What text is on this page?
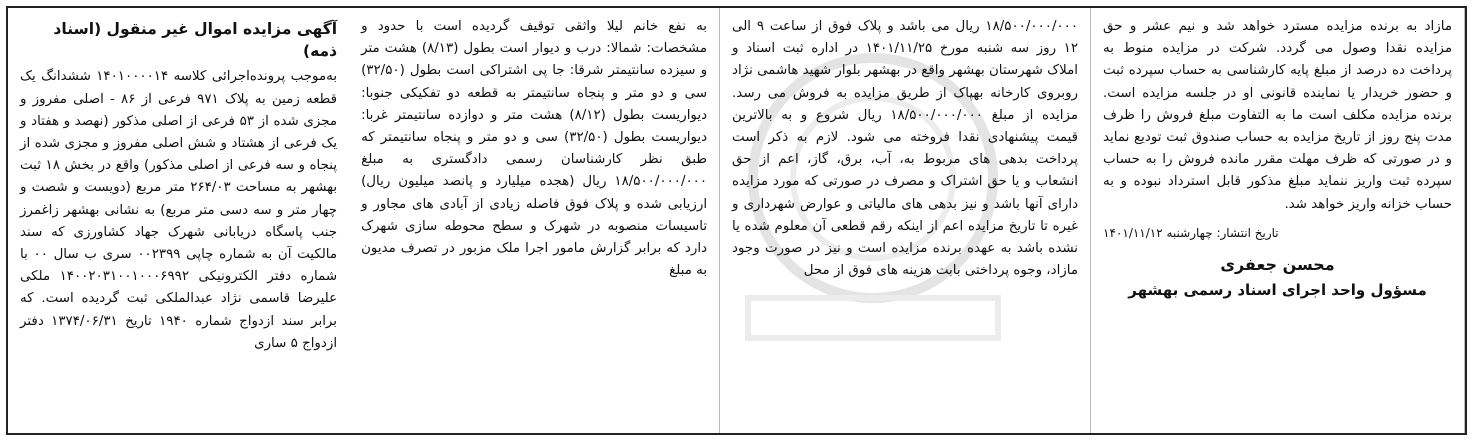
آگهی مزایده اموال غیر منقول (اسناد ذمه)

به‌موجب پرونده‌اجرائی کلاسه ۱۴۰۱۰۰۰۰۱۴ ششدانگ یک قطعه زمین به پلاک ۹۷۱ فرعی از ۸۶ - اصلی مفروز و مجزی شده از ۵۳ فرعی از اصلی مذکور (نهصد و هفتاد و یک فرعی از هشتاد و شش اصلی مفروز و مجزی شده از پنجاه و سه فرعی از اصلی مذکور) واقع در بخش ۱۸ ثبت بهشهر به مساحت ۲۶۴/۰۳ متر مربع (دویست و شصت و چهار متر و سه دسی متر مربع) به نشانی بهشهر زاغمرز جنب پاسگاه دریابانی شهرک جهاد کشاورزی که سند مالکیت آن به شماره چاپی ۰۰۲۳۹۹ سری ب سال ۰۰ با شماره دفتر الکترونیکی ۱۴۰۰۲۰۳۱۰۰۱۰۰۰۶۹۹۲ ملکی علیرضا قاسمی نژاد عبدالملکی ثبت گردیده است. که برابر سند ازدواج شماره ۱۹۴۰ تاریخ ۱۳۷۴/۰۶/۳۱ دفتر ازدواج ۵ ساری

به نفع خانم لیلا واثقی توقیف گردیده است با حدود و مشخصات: شمالا: درب و دیوار است بطول (۸/۱۳) هشت متر و سیزده سانتیمتر شرقا: جا پی اشتراکی است بطول (۳۲/۵۰) سی و دو متر و پنجاه سانتیمتر به قطعه دو تفکیکی جنوبا: دیواریست بطول (۸/۱۲) هشت متر و دوازده سانتیمتر غربا: دیواریست بطول (۳۲/۵۰) سی و دو متر و پنجاه سانتیمتر که طبق نظر کارشناسان رسمی دادگستری به مبلغ ۱۸/۵۰۰/۰۰۰/۰۰۰ ریال (هجده میلیارد و پانصد میلیون ریال) ارزیابی شده و پلاک فوق فاصله زیادی از آبادی های مجاور و تاسیسات منصوبه در شهرک و سطح محوطه سازی شهرک دارد که برابر گزارش مامور اجرا ملک مزبور در تصرف مدیون به مبلغ

۱۸/۵۰۰/۰۰۰/۰۰۰ ریال می باشد و پلاک فوق از ساعت ۹ الی ۱۲ روز سه شنبه مورخ ۱۴۰۱/۱۱/۲۵ در اداره ثبت اسناد و املاک شهرستان بهشهر واقع در بهشهر بلوار شهید هاشمی نژاد روبروی کارخانه بهپاک از طریق مزایده به فروش می رسد. مزایده از مبلغ ۱۸/۵۰۰/۰۰۰/۰۰۰ ریال شروع و به بالاترین قیمت پیشنهادی نقدا فروخته می شود. لازم به ذکر است پرداخت بدهی های مربوط به، آب، برق، گاز، اعم از حق انشعاب و یا حق اشتراک و مصرف در صورتی که مورد مزایده دارای آنها باشد و نیز بدهی های مالیاتی و عوارض شهرداری و غیره تا تاریخ مزایده اعم از اینکه رقم قطعی آن معلوم شده یا نشده باشد به عهده برنده مزایده است و نیز در صورت وجود مازاد، وجوه پرداختی بابت هزینه های فوق از محل

مازاد به برنده مزایده مسترد خواهد شد و نیم عشر و حق مزایده نقدا وصول می گردد. شرکت در مزایده منوط به پرداخت ده درصد از مبلغ پایه کارشناسی به حساب سپرده ثبت و حضور خریدار یا نماینده قانونی او در جلسه مزایده است. برنده مزایده مکلف است ما به التفاوت مبلغ فروش را ظرف مدت پنج روز از تاریخ مزایده به حساب صندوق ثبت تودیع نماید و در صورتی که ظرف مهلت مقرر مانده فروش را به حساب سپرده ثبت واریز ننماید مبلغ مذکور قابل استرداد نبوده و به حساب خزانه واریز خواهد شد.

تاریخ انتشار: چهارشنبه ۱۴۰۱/۱۱/۱۲
محسن جعفری
مسؤول واحد اجرای اسناد رسمی بهشهر
